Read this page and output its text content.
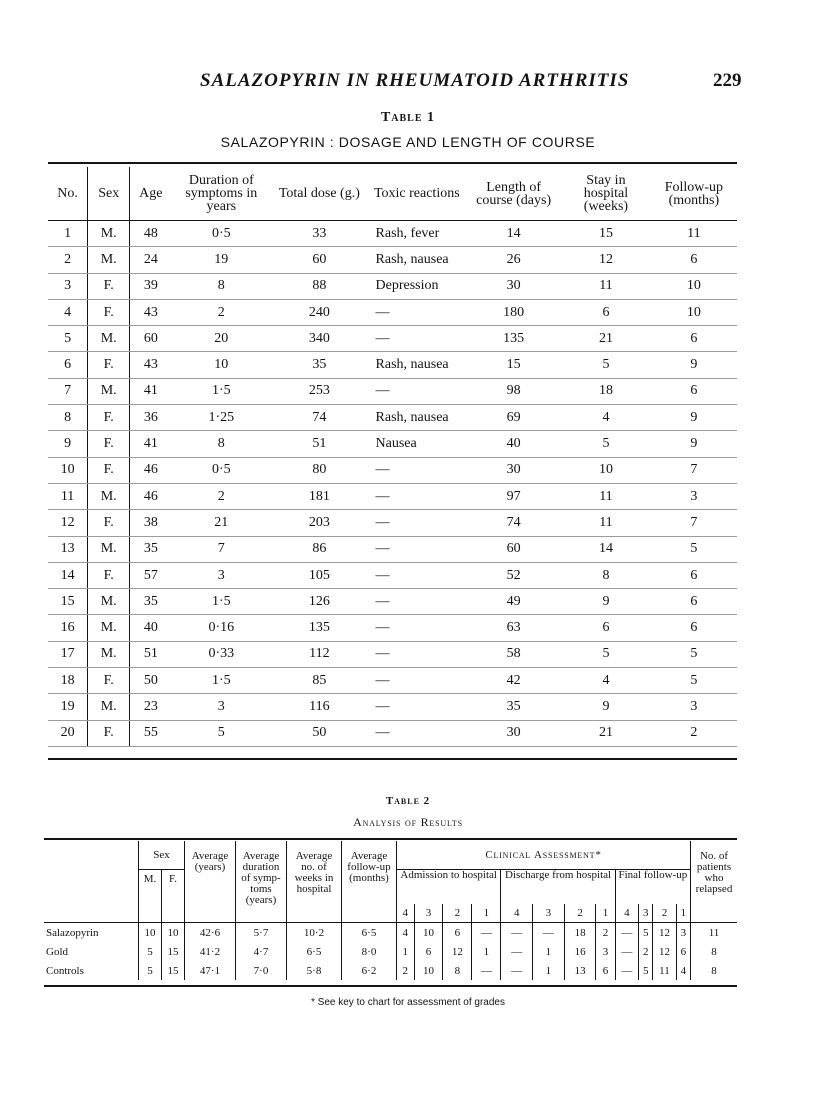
SALAZOPYRIN IN RHEUMATOID ARTHRITIS	229
Table 1
SALAZOPYRIN : DOSAGE AND LENGTH OF COURSE
No.	Sex	Age	Duration of symptoms in years	Total dose (g.)	Toxic reactions	Length of course (days)	Stay in hospital (weeks)	Follow-up (months)
1	M.	48	0·5	33	Rash, fever	14	15	11
2	M.	24	19	60	Rash, nausea	26	12	6
3	F.	39	8	88	Depression	30	11	10
4	F.	43	2	240	—	180	6	10
5	M.	60	20	340	—	135	21	6
6	F.	43	10	35	Rash, nausea	15	5	9
7	M.	41	1·5	253	—	98	18	6
8	F.	36	1·25	74	Rash, nausea	69	4	9
9	F.	41	8	51	Nausea	40	5	9
10	F.	46	0·5	80	—	30	10	7
11	M.	46	2	181	—	97	11	3
12	F.	38	21	203	—	74	11	7
13	M.	35	7	86	—	60	14	5
14	F.	57	3	105	—	52	8	6
15	M.	35	1·5	126	—	49	9	6
16	M.	40	0·16	135	—	63	6	6
17	M.	51	0·33	112	—	58	5	5
18	F.	50	1·5	85	—	42	4	5
19	M.	23	3	116	—	35	9	3
20	F.	55	5	50	—	30	21	2
Table 2
Analysis of Results
	Sex		Average (years)	Average duration of symp-toms (years)	Average no. of weeks in hospital	Average follow-up (months)	Clinical Assessment*												No. of patients who relapsed
	M.	F.					Admission to hospital				Discharge from hospital				Final follow-up				
							4	3	2	1	4	3	2	1	4	3	2	1	
Salazopyrin	10	10	42·6	5·7	10·2	6·5	4	10	6	—	—	—	18	2	—	5	12	3	11
Gold	5	15	41·2	4·7	6·5	8·0	1	6	12	1	—	1	16	3	—	2	12	6	8
Controls	5	15	47·1	7·0	5·8	6·2	2	10	8	—	—	1	13	6	—	5	11	4	8
* See key to chart for assessment of grades
